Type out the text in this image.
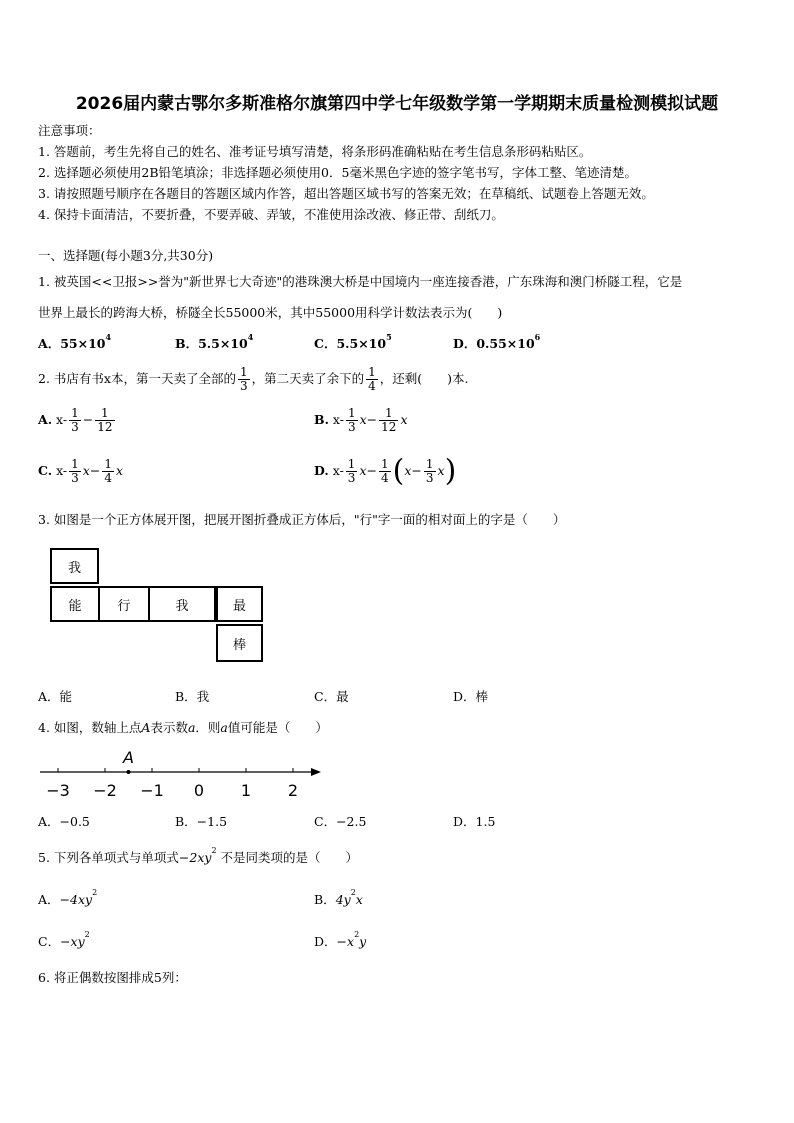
2026届内蒙古鄂尔多斯准格尔旗第四中学七年级数学第一学期期末质量检测模拟试题
注意事项：
1. 答题前，考生先将自己的姓名、准考证号填写清楚，将条形码准确粘贴在考生信息条形码粘贴区。
2. 选择题必须使用2B铅笔填涂；非选择题必须使用0．5毫米黑色字迹的签字笔书写，字体工整、笔迹清楚。
3. 请按照题号顺序在各题目的答题区域内作答，超出答题区域书写的答案无效；在草稿纸、试题卷上答题无效。
4. 保持卡面清洁，不要折叠，不要弄破、弄皱，不准使用涂改液、修正带、刮纸刀。
一、选择题(每小题3分,共30分)
1. 被英国<<卫报>>誉为"新世界七大奇迹"的港珠澳大桥是中国境内一座连接香港，广东珠海和澳门桥隧工程，它是
世界上最长的跨海大桥，桥隧全长55000米，其中55000用科学计数法表示为(　　)
A．$55\times 10^4$	B．$5.5\times 10^4$	C．$5.5\times 10^5$	D．$0.55\times 10^6$
2. 书店有书x本，第一天卖了全部的 $\frac{1}{3}$ ，第二天卖了余下的 $\frac{1}{4}$ ，还剩(　　)本.
A. $x- \frac{1}{3} - \frac{1}{12}$	B. $x- \frac{1}{3} x- \frac{1}{12}$ x
C. $x- \frac{1}{3} x- \frac{1}{4}$ x	D. $x- \frac{1}{3} x- \frac{1}{4} (x- \frac{1}{3} x)$
3. 如图是一个正方体展开图，把展开图折叠成正方体后，"行"字一面的相对面上的字是（　　）
我
能	行	我	最
棒
A．能	B．我	C．最	D．棒
4. 如图，数轴上点A表示数a．则a值可能是（　　）
−3 −2 −1 0 1 2
A
A．−0.5	B．−1.5	C．−2.5	D．1.5
5. 下列各单项式与单项式$-2xy^2$ 不是同类项的是（　　）
A．$-4xy^2$	B．$4y^2x$
C．$-xy^2$	D．$-x^2y$
6. 将正偶数按图排成5列：
